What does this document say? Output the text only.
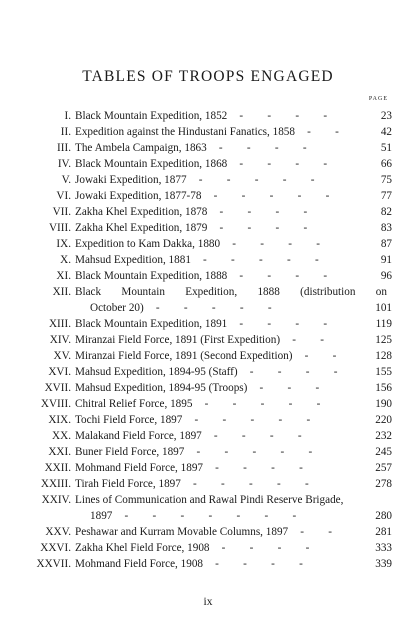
TABLES OF TROOPS ENGAGED
PAGE
I. Black Mountain Expedition, 1852 - - - -	23
II. Expedition against the Hindustani Fanatics, 1858 - -	42
III. The Ambela Campaign, 1863 - - - -	51
IV. Black Mountain Expedition, 1868 - - - -	66
V. Jowaki Expedition, 1877 - - - - -	75
VI. Jowaki Expedition, 1877-78 - - - - -	77
VII. Zakha Khel Expedition, 1878 - - - -	82
VIII. Zakha Khel Expedition, 1879 - - - -	83
IX. Expedition to Kam Dakka, 1880 - - - -	87
X. Mahsud Expedition, 1881 - - - - -	91
XI. Black Mountain Expedition, 1888 - - - -	96
XII. Black Mountain Expedition, 1888 (distribution on
October 20) - - - - -	101
XIII. Black Mountain Expedition, 1891 - - - -	119
XIV. Miranzai Field Force, 1891 (First Expedition) - -	125
XV. Miranzai Field Force, 1891 (Second Expedition) - -	128
XVI. Mahsud Expedition, 1894-95 (Staff) - - - -	155
XVII. Mahsud Expedition, 1894-95 (Troops) - - -	156
XVIII. Chitral Relief Force, 1895 - - - - -	190
XIX. Tochi Field Force, 1897 - - - - -	220
XX. Malakand Field Force, 1897 - - - -	232
XXI. Buner Field Force, 1897 - - - - -	245
XXII. Mohmand Field Force, 1897 - - - -	257
XXIII. Tirah Field Force, 1897 - - - - -	278
XXIV. Lines of Communication and Rawal Pindi Reserve Brigade,
1897 - - - - - - -	280
XXV. Peshawar and Kurram Movable Columns, 1897 - -	281
XXVI. Zakha Khel Field Force, 1908 - - - -	333
XXVII. Mohmand Field Force, 1908 - - - -	339
ix
